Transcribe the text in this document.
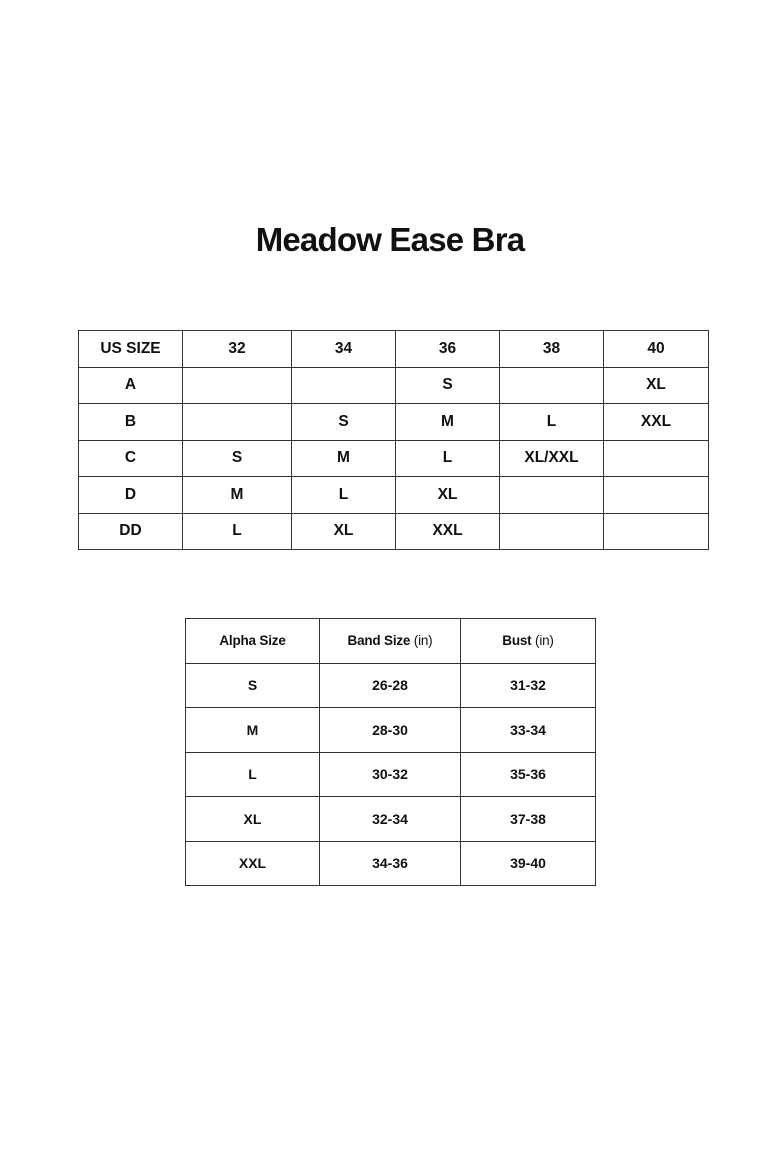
Meadow Ease Bra
US SIZE	32	34	36	38	40
A			S		XL
B		S	M	L	XXL
C	S	M	L	XL/XXL	
D	M	L	XL		
DD	L	XL	XXL		
Alpha Size	Band Size (in)	Bust (in)
S	26-28	31-32
M	28-30	33-34
L	30-32	35-36
XL	32-34	37-38
XXL	34-36	39-40
